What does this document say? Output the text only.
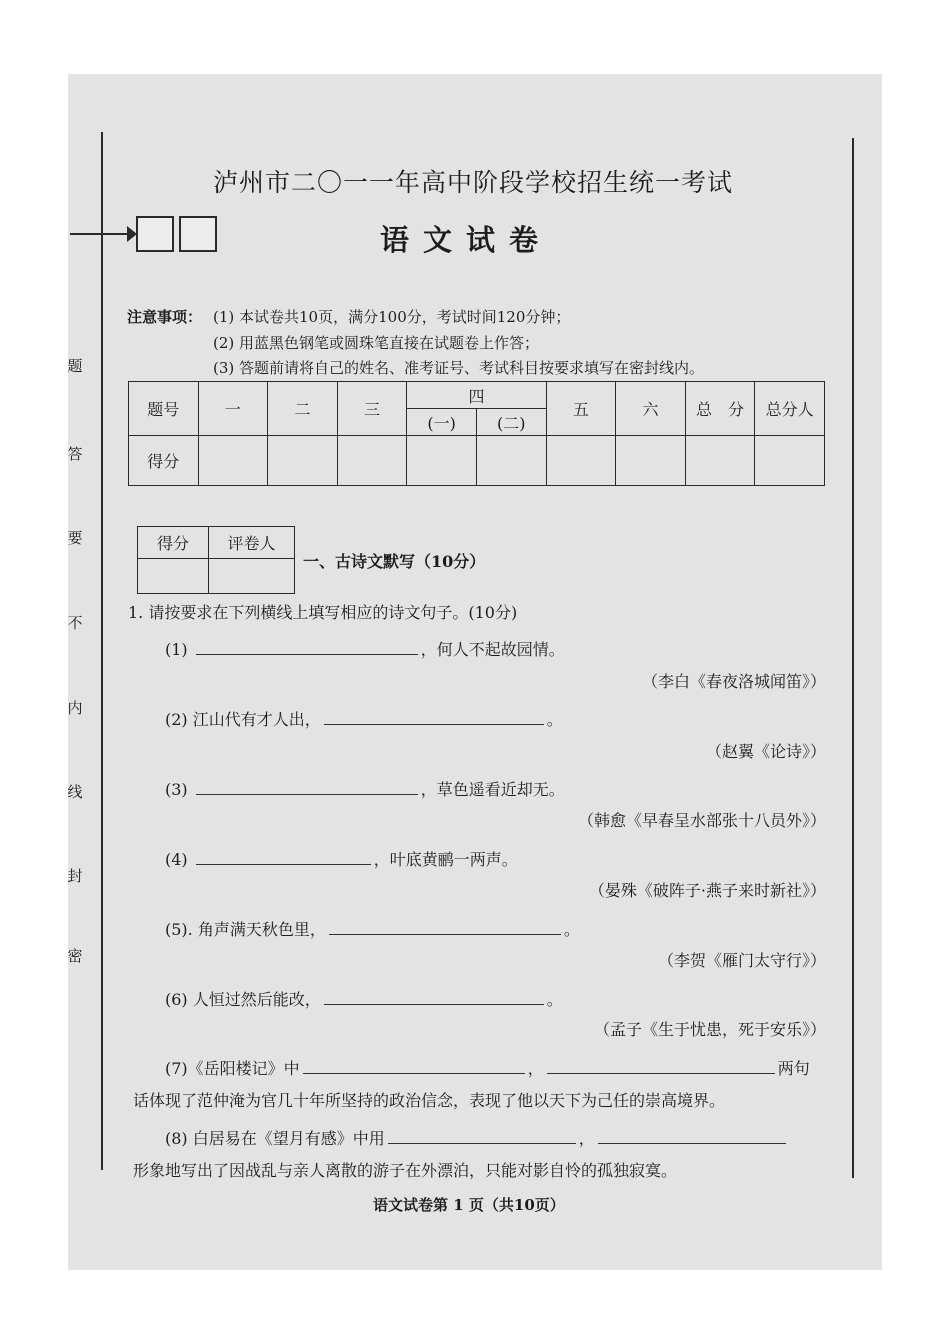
题
答
要
不
内
线
封
密
泸州市二〇一一年高中阶段学校招生统一考试
语文试卷
注意事项： (1) 本试卷共10页，满分100分，考试时间120分钟；
(2) 用蓝黑色钢笔或圆珠笔直接在试题卷上作答；
(3) 答题前请将自己的姓名、准考证号、考试科目按要求填写在密封线内。
题号	一	二	三	四		五	六	总　分	总分人
				(一)	(二)				
得分									
得分	评卷人

一、古诗文默写（10分）
1. 请按要求在下列横线上填写相应的诗文句子。(10分)
(1)	，何人不起故园情。
（李白《春夜洛城闻笛》）
(2) 江山代有才人出，	。
（赵翼《论诗》）
(3)	，草色遥看近却无。
（韩愈《早春呈水部张十八员外》）
(4)	，叶底黄鹂一两声。
（晏殊《破阵子·燕子来时新社》）
(5). 角声满天秋色里，	。
（李贺《雁门太守行》）
(6) 人恒过然后能改，	。
（孟子《生于忧患，死于安乐》）
(7)《岳阳楼记》中	，	两句
话体现了范仲淹为官几十年所坚持的政治信念，表现了他以天下为己任的崇高境界。
(8) 白居易在《望月有感》中用	，
形象地写出了因战乱与亲人离散的游子在外漂泊，只能对影自怜的孤独寂寞。
语文试卷第 1 页（共10页）
